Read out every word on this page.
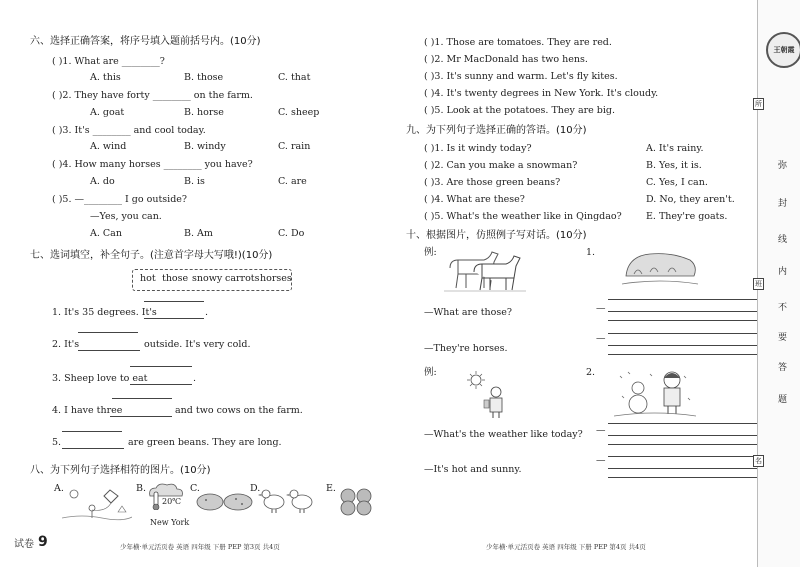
六、选择正确答案，将序号填入题前括号内。(10分)
( )1. What are ________?
A. this	B. those	C. that
( )2. They have forty ________ on the farm.
A. goat	B. horse	C. sheep
( )3. It's ________ and cool today.
A. wind	B. windy	C. rain
( )4. How many horses ________ you have?
A. do	B. is	C. are
( )5. —________ I go outside?
—Yes, you can.
A. Can	B. Am	C. Do
七、选词填空，补全句子。(注意首字母大写哦!)(10分)
hot those snowy carrots horses
1. It's 35 degrees. It's	.
2. It's	outside. It's very cold.
3. Sheep love to eat	.
4. I have three	and two cows on the farm.
5.	are green beans. They are long.
八、为下列句子选择相符的图片。(10分)
A.	B.	C.	D.	E.
20℃
New York
试卷 9	少年横·单元活页卷 英语 四年级 下册 PEP 第3页 共4页
( )1. Those are tomatoes. They are red.
( )2. Mr MacDonald has two hens.
( )3. It's sunny and warm. Let's fly kites.
( )4. It's twenty degrees in New York. It's cloudy.
( )5. Look at the potatoes. They are big.
九、为下列句子选择正确的答语。(10分)
( )1. Is it windy today?	A. It's rainy.
( )2. Can you make a snowman?	B. Yes, it is.
( )3. Are those green beans?	C. Yes, I can.
( )4. What are these?	D. No, they aren't.
( )5. What's the weather like in Qingdao?	E. They're goats.
十、根据图片，仿照例子写对话。(10分)
例:	1.
—What are those?
—They're horses.
—
—
例:	2.
—What's the weather like today?
—It's hot and sunny.
—
—
少年横·单元活页卷 英语 四年级 下册 PEP 第4页 共4页
王朝霞
所
班
名
弥
封
线
内
不
要
答
题
